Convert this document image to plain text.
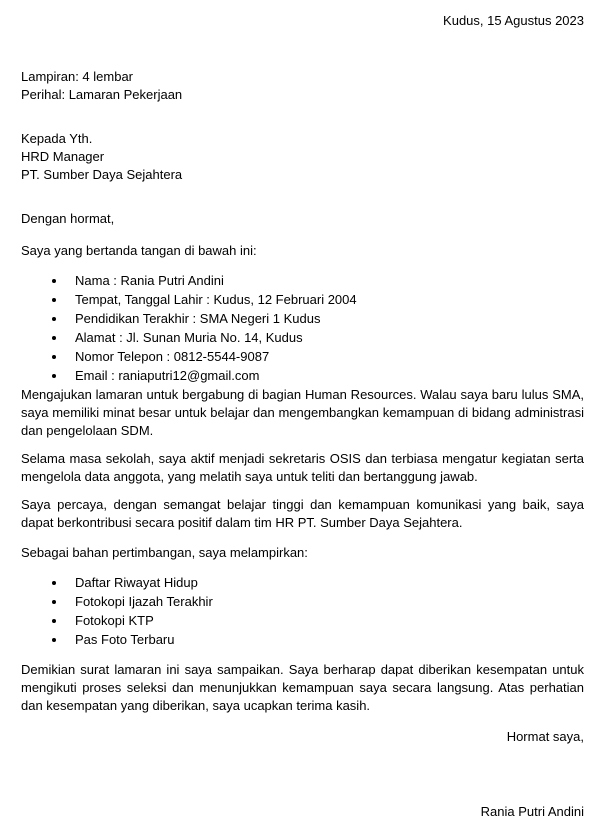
Kudus, 15 Agustus 2023
Lampiran: 4 lembar
Perihal: Lamaran Pekerjaan
Kepada Yth.
HRD Manager
PT. Sumber Daya Sejahtera
Dengan hormat,
Saya yang bertanda tangan di bawah ini:
• Nama : Rania Putri Andini
• Tempat, Tanggal Lahir : Kudus, 12 Februari 2004
• Pendidikan Terakhir : SMA Negeri 1 Kudus
• Alamat : Jl. Sunan Muria No. 14, Kudus
• Nomor Telepon : 0812-5544-9087
• Email : raniaputri12@gmail.com

Mengajukan lamaran untuk bergabung di bagian Human Resources. Walau saya baru lulus SMA, saya memiliki minat besar untuk belajar dan mengembangkan kemampuan di bidang administrasi dan pengelolaan SDM.

Selama masa sekolah, saya aktif menjadi sekretaris OSIS dan terbiasa mengatur kegiatan serta mengelola data anggota, yang melatih saya untuk teliti dan bertanggung jawab.

Saya percaya, dengan semangat belajar tinggi dan kemampuan komunikasi yang baik, saya dapat berkontribusi secara positif dalam tim HR PT. Sumber Daya Sejahtera.

Sebagai bahan pertimbangan, saya melampirkan:
• Daftar Riwayat Hidup
• Fotokopi Ijazah Terakhir
• Fotokopi KTP
• Pas Foto Terbaru

Demikian surat lamaran ini saya sampaikan. Saya berharap dapat diberikan kesempatan untuk mengikuti proses seleksi dan menunjukkan kemampuan saya secara langsung. Atas perhatian dan kesempatan yang diberikan, saya ucapkan terima kasih.

Hormat saya,
Rania Putri Andini
